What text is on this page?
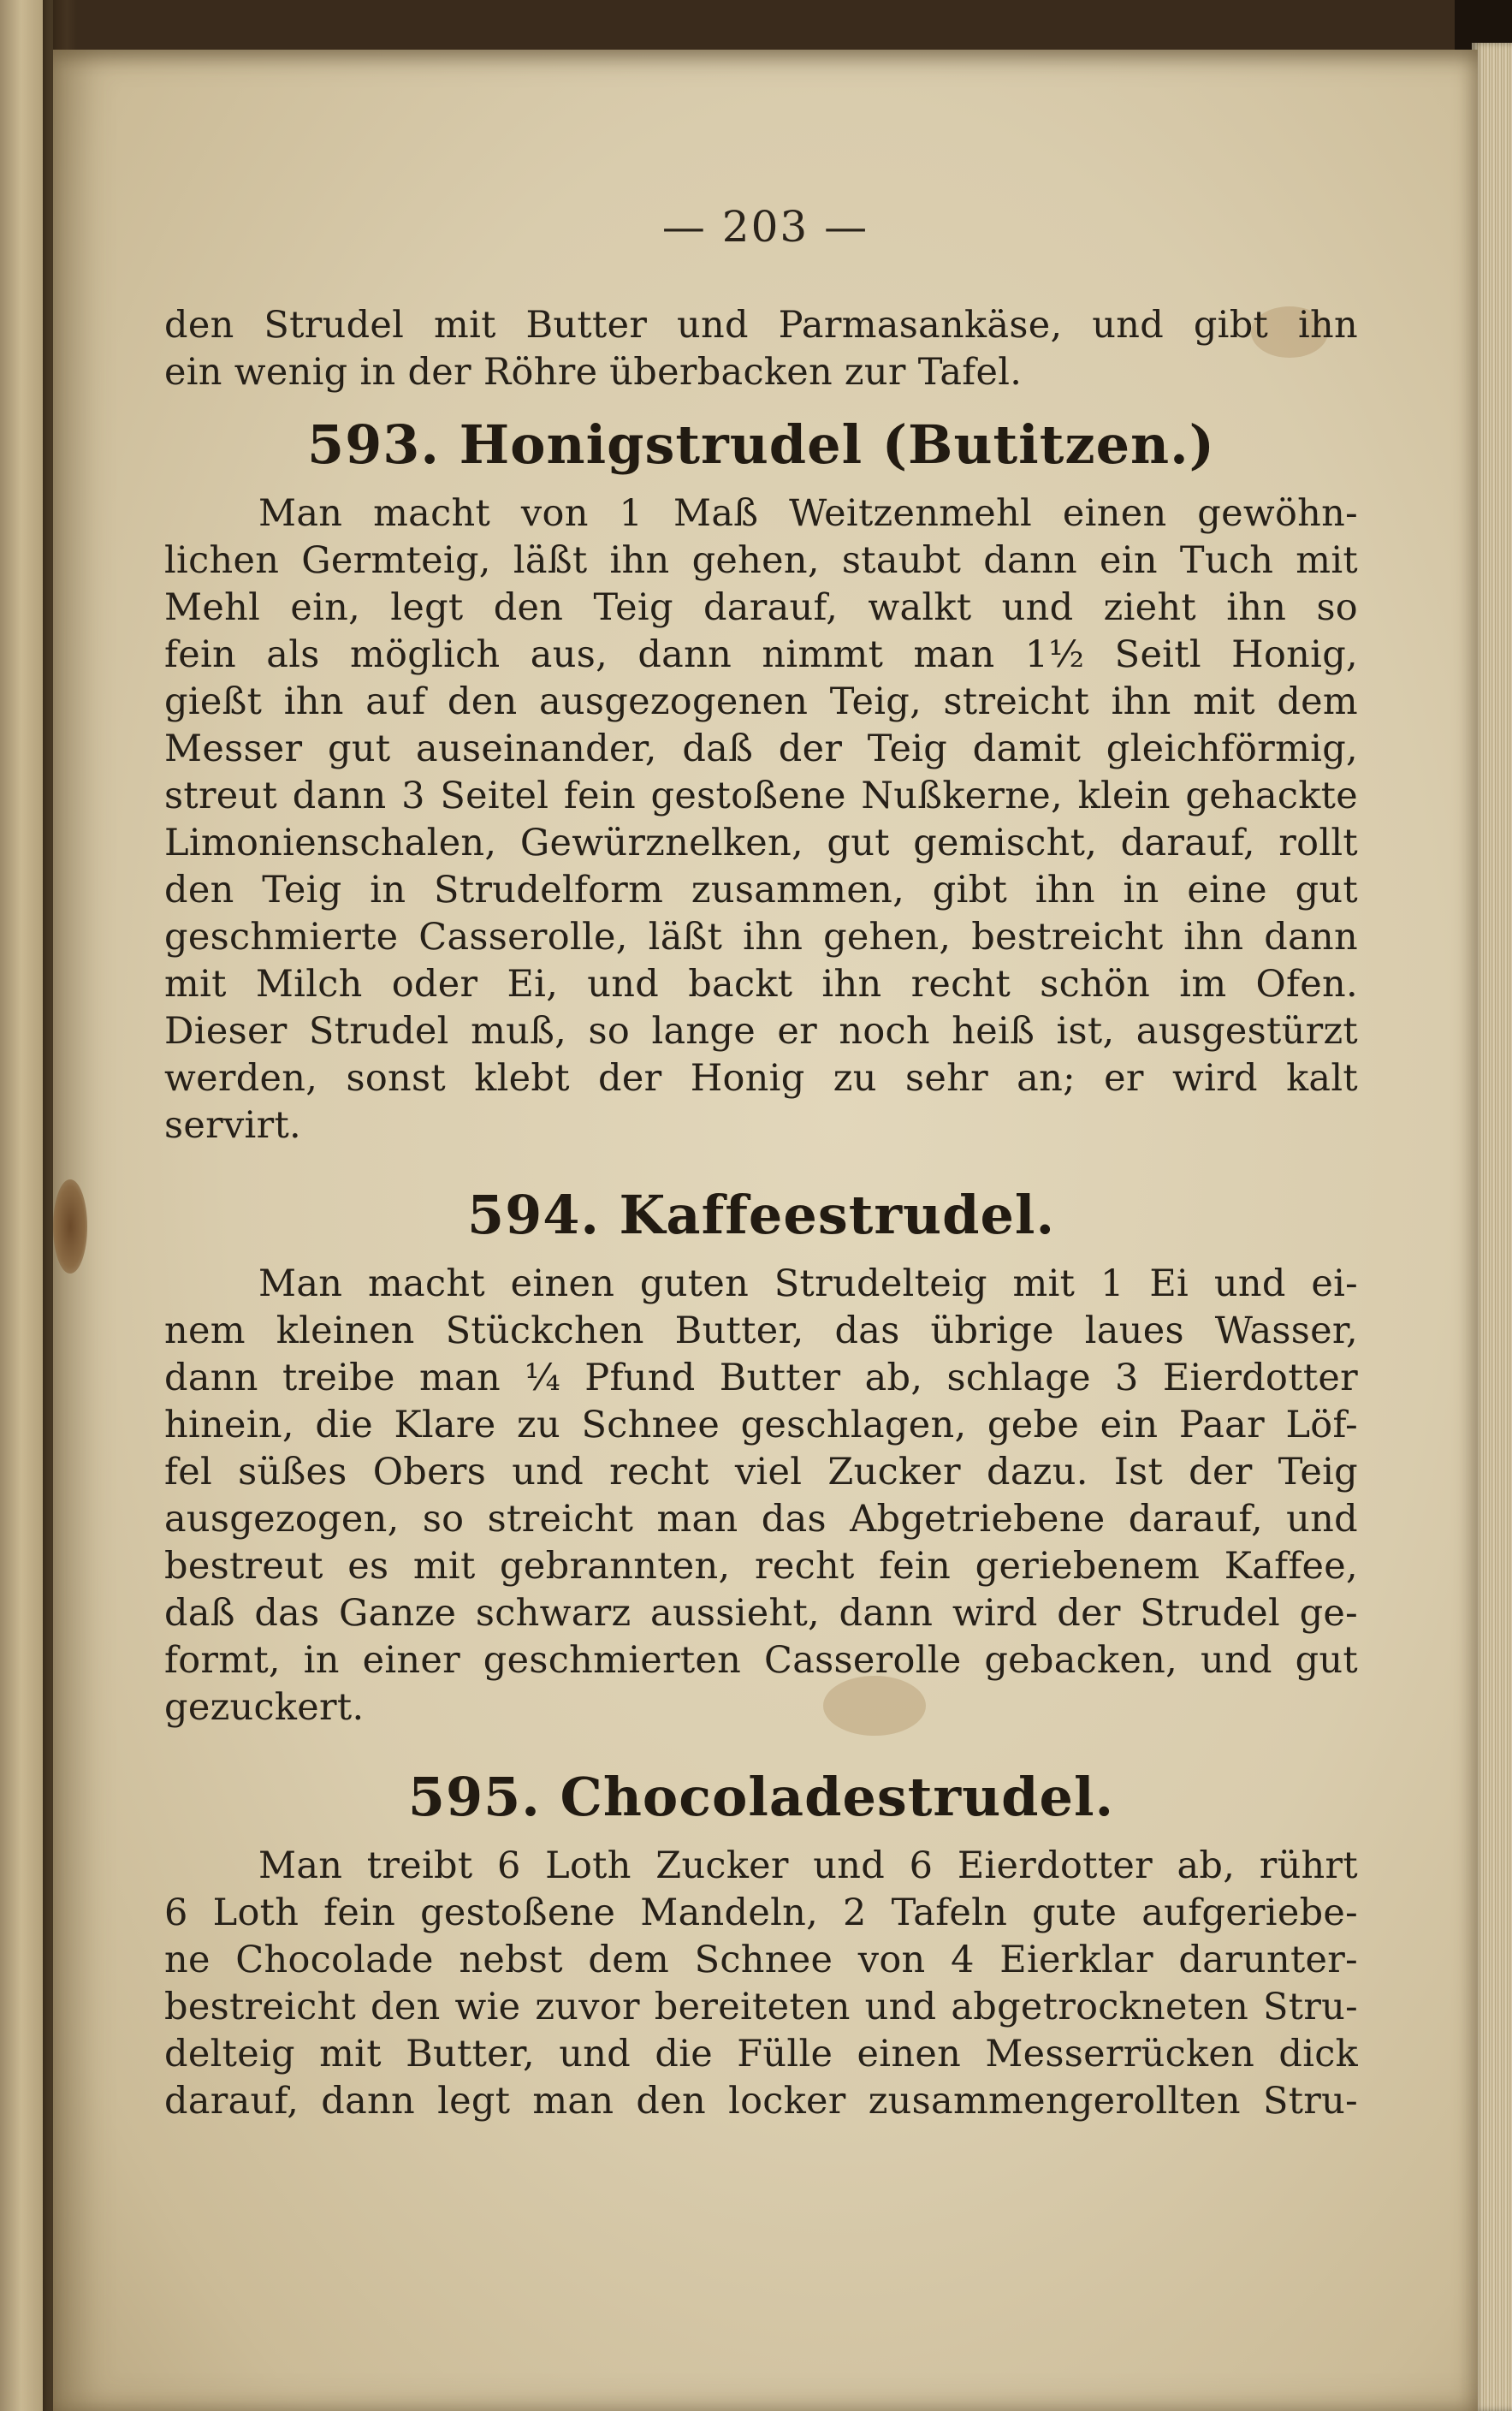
— 203 —
den Strudel mit Butter und Parmasankäse, und gibt ihn
ein wenig in der Röhre überbacken zur Tafel.
593. Honigstrudel (Butitzen.)
Man macht von 1 Maß Weitzenmehl einen gewöhn-
lichen Germteig, läßt ihn gehen, staubt dann ein Tuch mit
Mehl ein, legt den Teig darauf, walkt und zieht ihn so
fein als möglich aus, dann nimmt man 1½ Seitl Honig,
gießt ihn auf den ausgezogenen Teig, streicht ihn mit dem
Messer gut auseinander, daß der Teig damit gleichförmig,
streut dann 3 Seitel fein gestoßene Nußkerne, klein gehackte
Limonienschalen, Gewürznelken, gut gemischt, darauf, rollt
den Teig in Strudelform zusammen, gibt ihn in eine gut
geschmierte Casserolle, läßt ihn gehen, bestreicht ihn dann
mit Milch oder Ei, und backt ihn recht schön im Ofen.
Dieser Strudel muß, so lange er noch heiß ist, ausgestürzt
werden, sonst klebt der Honig zu sehr an; er wird kalt
servirt.
594. Kaffeestrudel.
Man macht einen guten Strudelteig mit 1 Ei und ei-
nem kleinen Stückchen Butter, das übrige laues Wasser,
dann treibe man ¼ Pfund Butter ab, schlage 3 Eierdotter
hinein, die Klare zu Schnee geschlagen, gebe ein Paar Löf-
fel süßes Obers und recht viel Zucker dazu. Ist der Teig
ausgezogen, so streicht man das Abgetriebene darauf, und
bestreut es mit gebrannten, recht fein geriebenem Kaffee,
daß das Ganze schwarz aussieht, dann wird der Strudel ge-
formt, in einer geschmierten Casserolle gebacken, und gut
gezuckert.
595. Chocoladestrudel.
Man treibt 6 Loth Zucker und 6 Eierdotter ab, rührt
6 Loth fein gestoßene Mandeln, 2 Tafeln gute aufgeriebe-
ne Chocolade nebst dem Schnee von 4 Eierklar darunter-
bestreicht den wie zuvor bereiteten und abgetrockneten Stru-
delteig mit Butter, und die Fülle einen Messerrücken dick
darauf, dann legt man den locker zusammengerollten Stru-
